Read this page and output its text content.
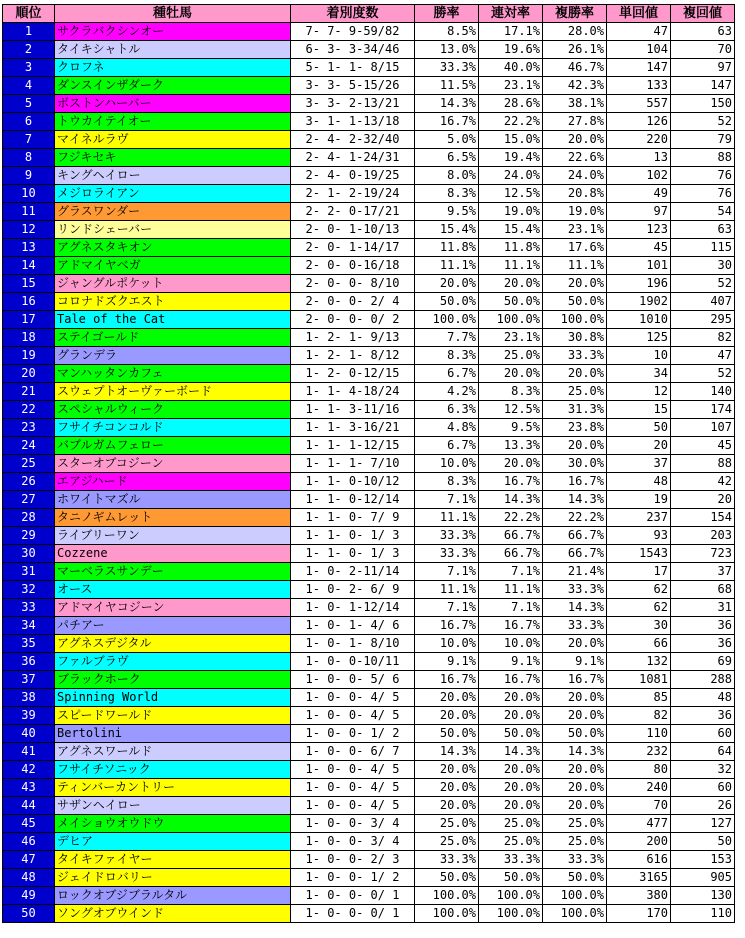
順位	種牡馬	着別度数	勝率	連対率	複勝率	単回値	複回値
1	サクラバクシンオー	7- 7- 9-59/82	8.5%	17.1%	28.0%	47	63
2	タイキシャトル	6- 3- 3-34/46	13.0%	19.6%	26.1%	104	70
3	クロフネ	5- 1- 1- 8/15	33.3%	40.0%	46.7%	147	97
4	ダンスインザダーク	3- 3- 5-15/26	11.5%	23.1%	42.3%	133	147
5	ボストンハーバー	3- 3- 2-13/21	14.3%	28.6%	38.1%	557	150
6	トウカイテイオー	3- 1- 1-13/18	16.7%	22.2%	27.8%	126	52
7	マイネルラヴ	2- 4- 2-32/40	5.0%	15.0%	20.0%	220	79
8	フジキセキ	2- 4- 1-24/31	6.5%	19.4%	22.6%	13	88
9	キングヘイロー	2- 4- 0-19/25	8.0%	24.0%	24.0%	102	76
10	メジロライアン	2- 1- 2-19/24	8.3%	12.5%	20.8%	49	76
11	グラスワンダー	2- 2- 0-17/21	9.5%	19.0%	19.0%	97	54
12	リンドシェーバー	2- 0- 1-10/13	15.4%	15.4%	23.1%	123	63
13	アグネスタキオン	2- 0- 1-14/17	11.8%	11.8%	17.6%	45	115
14	アドマイヤベガ	2- 0- 0-16/18	11.1%	11.1%	11.1%	101	30
15	ジャングルポケット	2- 0- 0- 8/10	20.0%	20.0%	20.0%	196	52
16	コロナドズクエスト	2- 0- 0- 2/ 4	50.0%	50.0%	50.0%	1902	407
17	Tale of the Cat	2- 0- 0- 0/ 2	100.0%	100.0%	100.0%	1010	295
18	ステイゴールド	1- 2- 1- 9/13	7.7%	23.1%	30.8%	125	82
19	グランデラ	1- 2- 1- 8/12	8.3%	25.0%	33.3%	10	47
20	マンハッタンカフェ	1- 2- 0-12/15	6.7%	20.0%	20.0%	34	52
21	スウェプトオーヴァーボード	1- 1- 4-18/24	4.2%	8.3%	25.0%	12	140
22	スペシャルウィーク	1- 1- 3-11/16	6.3%	12.5%	31.3%	15	174
23	フサイチコンコルド	1- 1- 3-16/21	4.8%	9.5%	23.8%	50	107
24	バブルガムフェロー	1- 1- 1-12/15	6.7%	13.3%	20.0%	20	45
25	スターオブコジーン	1- 1- 1- 7/10	10.0%	20.0%	30.0%	37	88
26	エアジハード	1- 1- 0-10/12	8.3%	16.7%	16.7%	48	42
27	ホワイトマズル	1- 1- 0-12/14	7.1%	14.3%	14.3%	19	20
28	タニノギムレット	1- 1- 0- 7/ 9	11.1%	22.2%	22.2%	237	154
29	ライブリーワン	1- 1- 0- 1/ 3	33.3%	66.7%	66.7%	93	203
30	Cozzene	1- 1- 0- 1/ 3	33.3%	66.7%	66.7%	1543	723
31	マーベラスサンデー	1- 0- 2-11/14	7.1%	7.1%	21.4%	17	37
32	オース	1- 0- 2- 6/ 9	11.1%	11.1%	33.3%	62	68
33	アドマイヤコジーン	1- 0- 1-12/14	7.1%	7.1%	14.3%	62	31
34	パチアー	1- 0- 1- 4/ 6	16.7%	16.7%	33.3%	30	36
35	アグネスデジタル	1- 0- 1- 8/10	10.0%	10.0%	20.0%	66	36
36	ファルブラヴ	1- 0- 0-10/11	9.1%	9.1%	9.1%	132	69
37	ブラックホーク	1- 0- 0- 5/ 6	16.7%	16.7%	16.7%	1081	288
38	Spinning World	1- 0- 0- 4/ 5	20.0%	20.0%	20.0%	85	48
39	スピードワールド	1- 0- 0- 4/ 5	20.0%	20.0%	20.0%	82	36
40	Bertolini	1- 0- 0- 1/ 2	50.0%	50.0%	50.0%	110	60
41	アグネスワールド	1- 0- 0- 6/ 7	14.3%	14.3%	14.3%	232	64
42	フサイチソニック	1- 0- 0- 4/ 5	20.0%	20.0%	20.0%	80	32
43	ティンバーカントリー	1- 0- 0- 4/ 5	20.0%	20.0%	20.0%	240	60
44	サザンヘイロー	1- 0- 0- 4/ 5	20.0%	20.0%	20.0%	70	26
45	メイショウオウドウ	1- 0- 0- 3/ 4	25.0%	25.0%	25.0%	477	127
46	デヒア	1- 0- 0- 3/ 4	25.0%	25.0%	25.0%	200	50
47	タイキファイヤー	1- 0- 0- 2/ 3	33.3%	33.3%	33.3%	616	153
48	ジェイドロバリー	1- 0- 0- 1/ 2	50.0%	50.0%	50.0%	3165	905
49	ロックオブジブラルタル	1- 0- 0- 0/ 1	100.0%	100.0%	100.0%	380	130
50	ソングオブウインド	1- 0- 0- 0/ 1	100.0%	100.0%	100.0%	170	110
